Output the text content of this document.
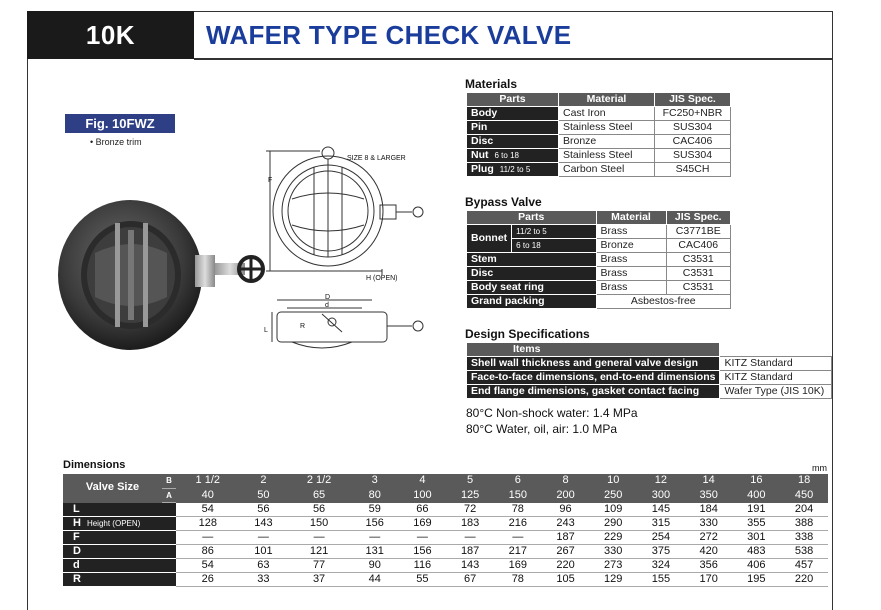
10K	WAFER TYPE CHECK VALVE
Fig. 10FWZ
• Bronze trim
SIZE 8 & LARGER
H (OPEN)
F
D
d
R
L
Materials
Parts	Material	JIS Spec.
Body	Cast Iron	FC250+NBR
Pin	Stainless Steel	SUS304
Disc	Bronze	CAC406
Nut 6 to 18	Stainless Steel	SUS304
Plug 11/2 to 5	Carbon Steel	S45CH
Bypass Valve
Parts		Material	JIS Spec.
Bonnet	11/2 to 5	Brass	C3771BE
	6 to 18	Bronze	CAC406
Stem		Brass	C3531
Disc		Brass	C3531
Body seat ring		Brass	C3531
Grand packing		Asbestos-free	
Design Specifications
Items	
Shell wall thickness and general valve design	KITZ Standard
Face-to-face dimensions, end-to-end dimensions	KITZ Standard
End flange dimensions, gasket contact facing	Wafer Type (JIS 10K)
80°C Non-shock water: 1.4 MPa
80°C Water, oil, air: 1.0 MPa
Dimensions	mm
Valve Size	B	1 1/2	2	2 1/2	3	4	5	6	8	10	12	14	16	18
	A	40	50	65	80	100	125	150	200	250	300	350	400	450
L		54	56	56	59	66	72	78	96	109	145	184	191	204
H Height (OPEN)		128	143	150	156	169	183	216	243	290	315	330	355	388
F		—	—	—	—	—	—	—	187	229	254	272	301	338
D		86	101	121	131	156	187	217	267	330	375	420	483	538
d		54	63	77	90	116	143	169	220	273	324	356	406	457
R		26	33	37	44	55	67	78	105	129	155	170	195	220
